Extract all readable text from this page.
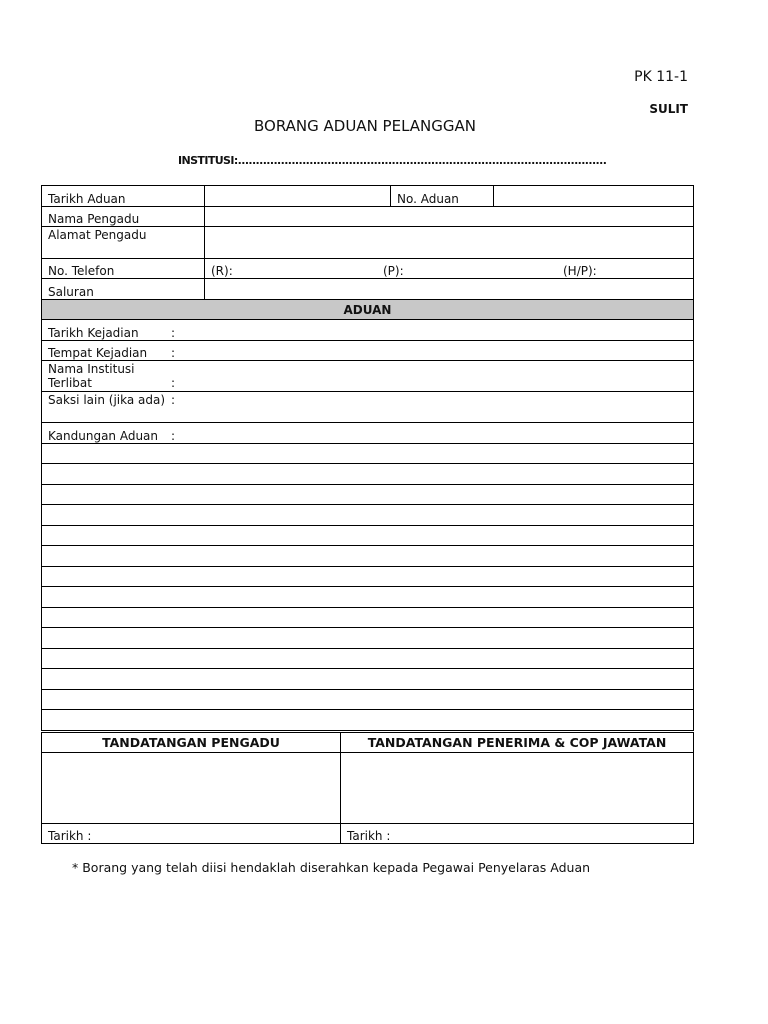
PK 11-1
SULIT
BORANG ADUAN PELANGGAN
INSTITUSI:.......................................................................................................
Tarikh Aduan		No. Aduan	
Nama Pengadu			
Alamat Pengadu			
No. Telefon	(R): (P): (H/P):		
Saluran			
ADUAN
Tarikh Kejadian	:
Tempat Kejadian :
Nama Institusi Terlibat	:
Saksi lain (jika ada) :
Kandungan Aduan :

TANDATANGAN PENGADU	TANDATANGAN PENERIMA & COP JAWATAN

Tarikh :	Tarikh :
* Borang yang telah diisi hendaklah diserahkan kepada Pegawai Penyelaras Aduan
